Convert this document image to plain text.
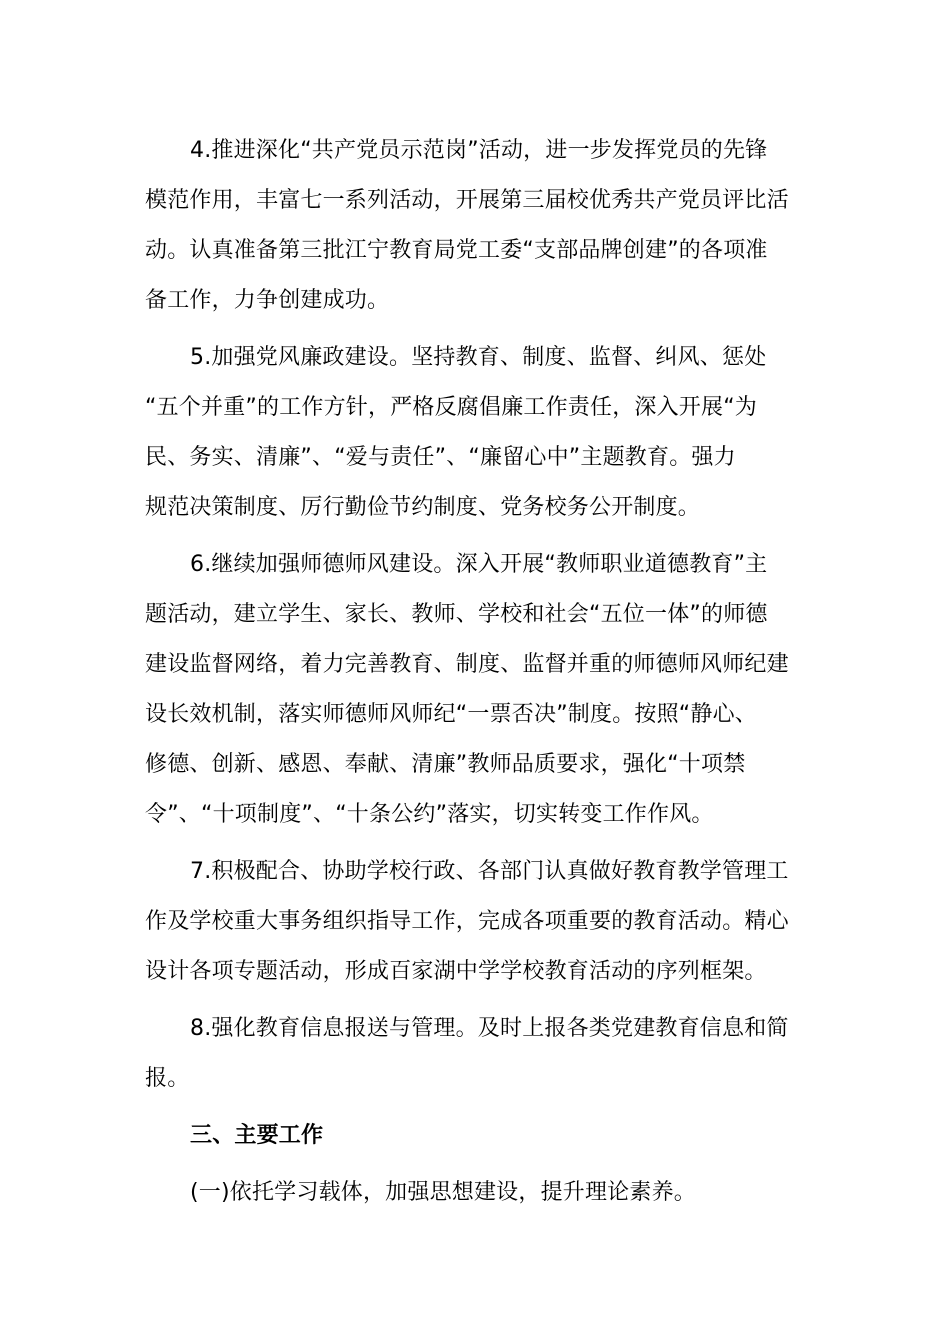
4.推进深化“共产党员示范岗”活动，进一步发挥党员的先锋
模范作用，丰富七一系列活动，开展第三届校优秀共产党员评比活
动。认真准备第三批江宁教育局党工委“支部品牌创建”的各项准
备工作，力争创建成功。
5.加强党风廉政建设。坚持教育、制度、监督、纠风、惩处
“五个并重”的工作方针，严格反腐倡廉工作责任，深入开展“为
民、务实、清廉”、“爱与责任”、“廉留心中”主题教育。强力
规范决策制度、厉行勤俭节约制度、党务校务公开制度。
6.继续加强师德师风建设。深入开展“教师职业道德教育”主
题活动，建立学生、家长、教师、学校和社会“五位一体”的师德
建设监督网络，着力完善教育、制度、监督并重的师德师风师纪建
设长效机制，落实师德师风师纪“一票否决”制度。按照“静心、
修德、创新、感恩、奉献、清廉”教师品质要求，强化“十项禁
令”、“十项制度”、“十条公约”落实，切实转变工作作风。
7.积极配合、协助学校行政、各部门认真做好教育教学管理工
作及学校重大事务组织指导工作，完成各项重要的教育活动。精心
设计各项专题活动，形成百家湖中学学校教育活动的序列框架。
8.强化教育信息报送与管理。及时上报各类党建教育信息和简
报。
三、主要工作
(一)依托学习载体，加强思想建设，提升理论素养。
